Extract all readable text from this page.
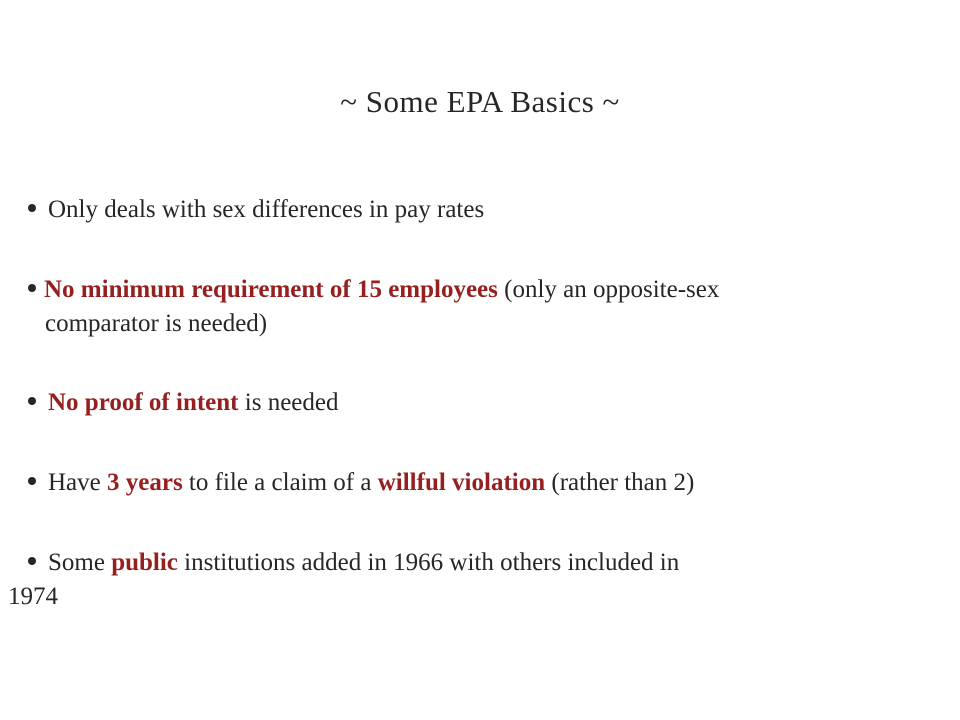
~ Some EPA Basics ~
Only deals with sex differences in pay rates
No minimum requirement of 15 employees (only an opposite-sex
comparator is needed)
No proof of intent is needed
Have 3 years to file a claim of a willful violation (rather than 2)
Some public institutions added in 1966 with others included in
1974
